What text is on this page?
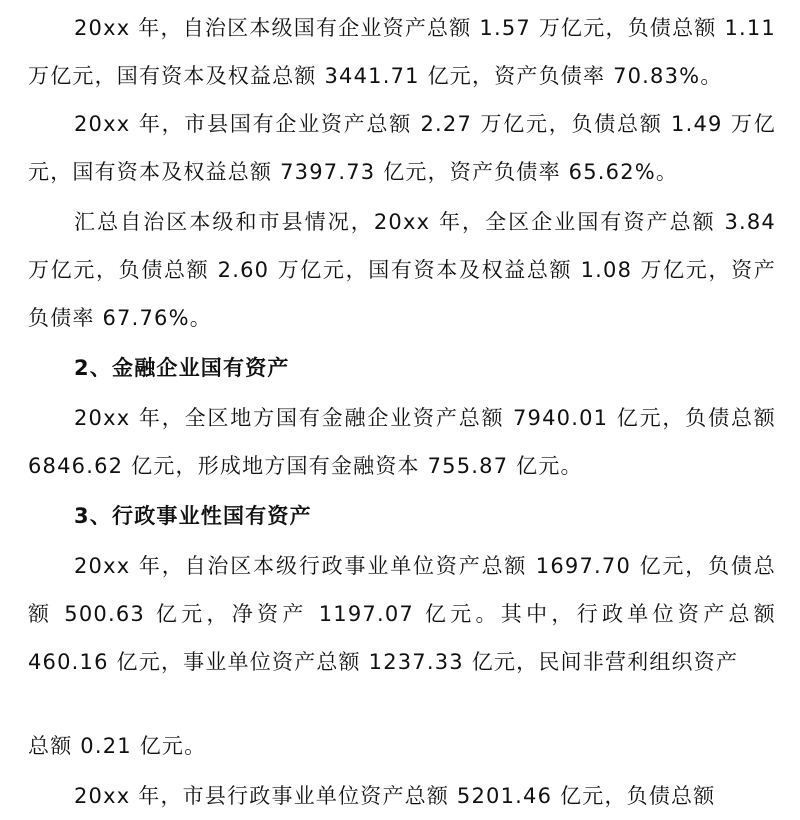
20xx 年，自治区本级国有企业资产总额 1.57 万亿元，负债总额 1.11 万亿元，国有资本及权益总额 3441.71 亿元，资产负债率 70.83%。

20xx 年，市县国有企业资产总额 2.27 万亿元，负债总额 1.49 万亿元，国有资本及权益总额 7397.73 亿元，资产负债率 65.62%。

汇总自治区本级和市县情况，20xx 年，全区企业国有资产总额 3.84 万亿元，负债总额 2.60 万亿元，国有资本及权益总额 1.08 万亿元，资产负债率 67.76%。

2、金融企业国有资产

20xx 年，全区地方国有金融企业资产总额 7940.01 亿元，负债总额 6846.62 亿元，形成地方国有金融资本 755.87 亿元。

3、行政事业性国有资产

20xx 年，自治区本级行政事业单位资产总额 1697.70 亿元，负债总额 500.63 亿元，净资产 1197.07 亿元。其中，行政单位资产总额 460.16 亿元，事业单位资产总额 1237.33 亿元，民间非营利组织资产

总额 0.21 亿元。

20xx 年，市县行政事业单位资产总额 5201.46 亿元，负债总额
